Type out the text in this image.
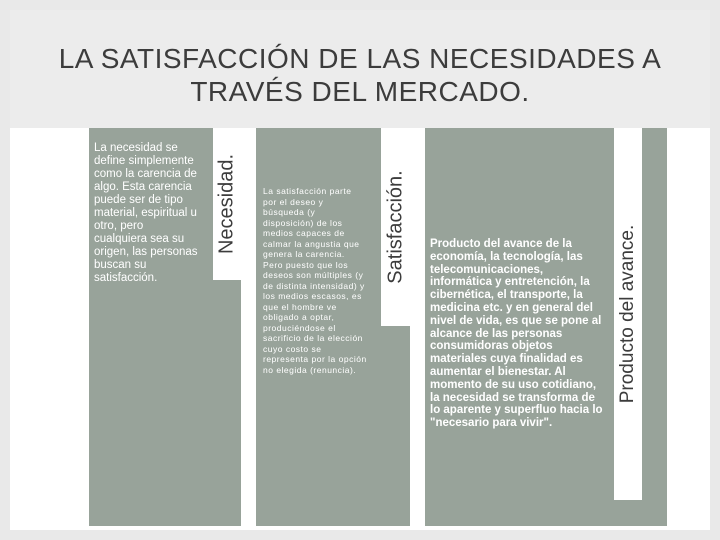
LA SATISFACCIÓN DE LAS NECESIDADES A TRAVÉS DEL MERCADO.
La necesidad se define simplemente como la carencia de algo. Esta carencia puede ser de tipo material, espiritual u otro, pero cualquiera sea su origen, las personas buscan su satisfacción.
Necesidad.	La satisfacción parte por el deseo y búsqueda (y disposición) de los medios capaces de calmar la angustia que genera la carencia. Pero puesto que los deseos son múltiples (y de distinta intensidad) y los medios escasos, es que el hombre ve obligado a optar, produciéndose el sacrificio de la elección cuyo costo se representa por la opción no elegida (renuncia).
Satisfacción. Producto del avance de la economía, la tecnología, las telecomunicaciones, informática y entretención, la cibernética, el transporte, la medicina etc. y en general del nivel de vida, es que se pone al alcance de las personas consumidoras objetos materiales cuya finalidad es aumentar el bienestar. Al momento de su uso cotidiano, la necesidad se transforma de lo aparente y superfluo hacia lo "necesario para vivir".
Producto del avance.
